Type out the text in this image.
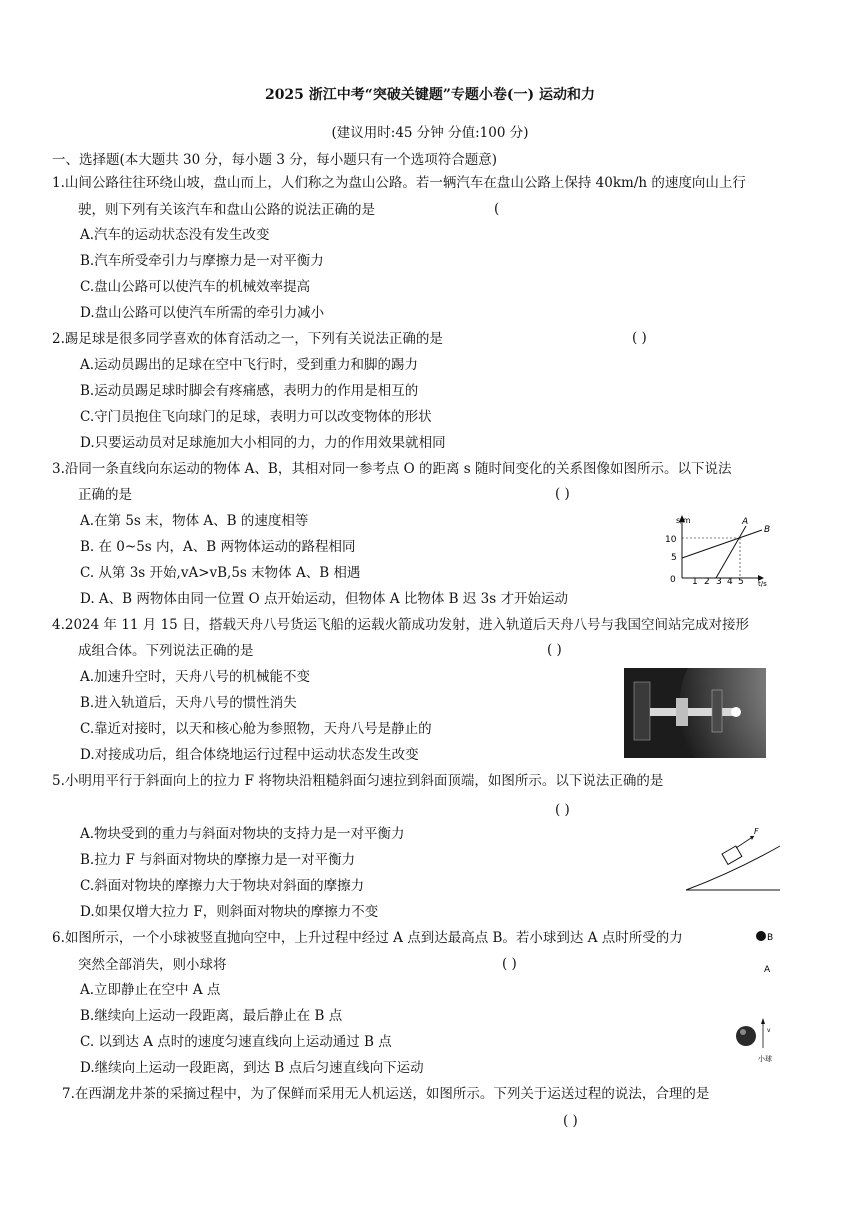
2025 浙江中考“突破关键题”专题小卷(一) 运动和力
(建议用时:45 分钟 分值:100 分)
一、选择题(本大题共 30 分，每小题 3 分，每小题只有一个选项符合题意)
1.山间公路往往环绕山坡，盘山而上，人们称之为盘山公路。若一辆汽车在盘山公路上保持 40km/h 的速度向山上行
驶，则下列有关该汽车和盘山公路的说法正确的是	(
A.汽车的运动状态没有发生改变
B.汽车所受牵引力与摩擦力是一对平衡力
C.盘山公路可以使汽车的机械效率提高
D.盘山公路可以使汽车所需的牵引力减小
2.踢足球是很多同学喜欢的体育活动之一，下列有关说法正确的是	( )
A.运动员踢出的足球在空中飞行时，受到重力和脚的踢力
B.运动员踢足球时脚会有疼痛感，表明力的作用是相互的
C.守门员抱住飞向球门的足球，表明力可以改变物体的形状
D.只要运动员对足球施加大小相同的力，力的作用效果就相同
3.沿同一条直线向东运动的物体 A、B，其相对同一参考点 O 的距离 s 随时间变化的关系图像如图所示。以下说法
正确的是	( )
A.在第 5s 末，物体 A、B 的速度相等
B. 在 0~5s 内，A、B 两物体运动的路程相同
C. 从第 3s 开始,vA>vB,5s 末物体 A、B 相遇
D. A、B 两物体由同一位置 O 点开始运动，但物体 A 比物体 B 迟 3s 才开始运动
s/m
t/s
10
5
0 1 2 3 4 5
A
B
4.2024 年 11 月 15 日，搭载天舟八号货运飞船的运载火箭成功发射，进入轨道后天舟八号与我国空间站完成对接形
成组合体。下列说法正确的是	( )
A.加速升空时，天舟八号的机械能不变
B.进入轨道后，天舟八号的惯性消失
C.靠近对接时，以天和核心舱为参照物，天舟八号是静止的
D.对接成功后，组合体绕地运行过程中运动状态发生改变
5.小明用平行于斜面向上的拉力 F 将物块沿粗糙斜面匀速拉到斜面顶端，如图所示。以下说法正确的是
( )
A.物块受到的重力与斜面对物块的支持力是一对平衡力
B.拉力 F 与斜面对物块的摩擦力是一对平衡力
C.斜面对物块的摩擦力大于物块对斜面的摩擦力
D.如果仅增大拉力 F，则斜面对物块的摩擦力不变
F
6.如图所示，一个小球被竖直抛向空中，上升过程中经过 A 点到达最高点 B。若小球到达 A 点时所受的力
突然全部消失，则小球将	( )
A.立即静止在空中 A 点
B.继续向上运动一段距离，最后静止在 B 点
C. 以到达 A 点时的速度匀速直线向上运动通过 B 点
D.继续向上运动一段距离，到达 B 点后匀速直线向下运动
B
A
v
小球
7.在西湖龙井茶的采摘过程中，为了保鲜而采用无人机运送，如图所示。下列关于运送过程的说法，合理的是
( )
